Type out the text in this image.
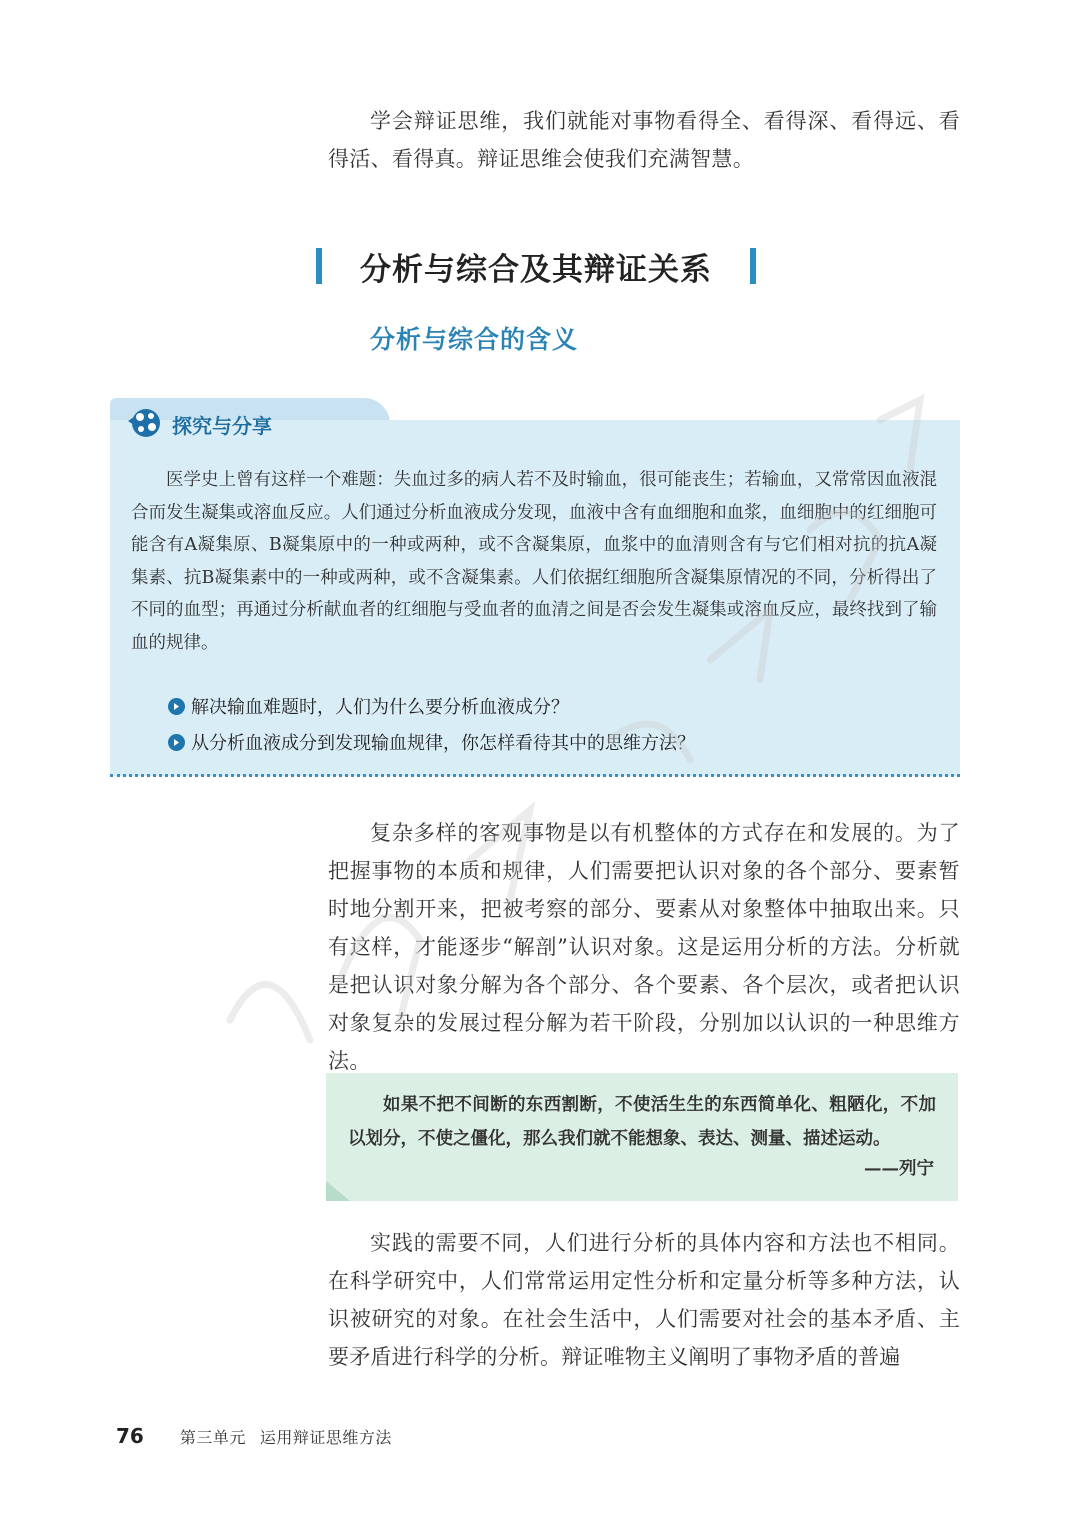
学会辩证思维，我们就能对事物看得全、看得深、看得远、看得活、看得真。辩证思维会使我们充满智慧。

分析与综合及其辩证关系
分析与综合的含义
探究与分享

医学史上曾有这样一个难题：失血过多的病人若不及时输血，很可能丧生；若输血，又常常因血液混合而发生凝集或溶血反应。人们通过分析血液成分发现，血液中含有血细胞和血浆，血细胞中的红细胞可能含有A凝集原、B凝集原中的一种或两种，或不含凝集原，血浆中的血清则含有与它们相对抗的抗A凝集素、抗B凝集素中的一种或两种，或不含凝集素。人们依据红细胞所含凝集原情况的不同，分析得出了不同的血型；再通过分析献血者的红细胞与受血者的血清之间是否会发生凝集或溶血反应，最终找到了输血的规律。

解决输血难题时，人们为什么要分析血液成分？
从分析血液成分到发现输血规律，你怎样看待其中的思维方法？

复杂多样的客观事物是以有机整体的方式存在和发展的。为了把握事物的本质和规律，人们需要把认识对象的各个部分、要素暂时地分割开来，把被考察的部分、要素从对象整体中抽取出来。只有这样，才能逐步“解剖”认识对象。这是运用分析的方法。分析就是把认识对象分解为各个部分、各个要素、各个层次，或者把认识对象复杂的发展过程分解为若干阶段，分别加以认识的一种思维方法。

如果不把不间断的东西割断，不使活生生的东西简单化、粗陋化，不加以划分，不使之僵化，那么我们就不能想象、表达、测量、描述运动。

——列宁

实践的需要不同，人们进行分析的具体内容和方法也不相同。在科学研究中，人们常常运用定性分析和定量分析等多种方法，认识被研究的对象。在社会生活中，人们需要对社会的基本矛盾、主要矛盾进行科学的分析。辩证唯物主义阐明了事物矛盾的普遍

76 第三单元 运用辩证思维方法
